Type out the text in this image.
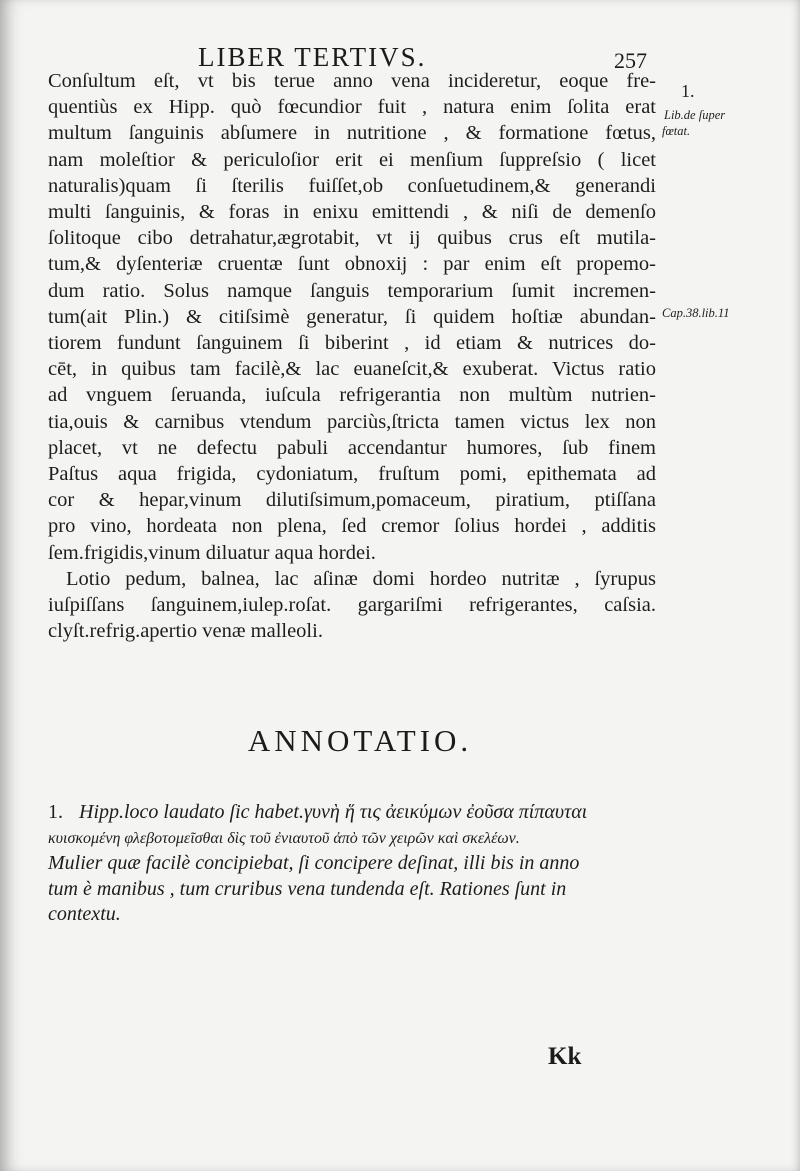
LIBER TERTIVS.	257
Conſultum eſt, vt bis terue anno vena incideretur, eoque fre-
quentiùs ex Hipp. quò fœcundior fuit , natura enim ſolita erat
multum ſanguinis abſumere in nutritione , & formatione fœtus,
nam moleſtior & periculoſior erit ei menſium ſuppreſsio ( licet
naturalis)quam ſi ſterilis fuiſſet,ob conſuetudinem,& generandi
multi ſanguinis, & foras in enixu emittendi , & niſi de demenſo
ſolitoque cibo detrahatur,ægrotabit, vt ij quibus crus eſt mutila-
tum,& dyſenteriæ cruentæ ſunt obnoxij : par enim eſt propemo-
dum ratio. Solus namque ſanguis temporarium ſumit incremen-
tum(ait Plin.) & citiſsimè generatur, ſi quidem hoſtiæ abundan-
tiorem fundunt ſanguinem ſi biberint , id etiam & nutrices do-
cēt, in quibus tam facilè,& lac euaneſcit,& exuberat. Victus ratio
ad vnguem ſeruanda, iuſcula refrigerantia non multùm nutrien-
tia,ouis & carnibus vtendum parciùs,ſtricta tamen victus lex non
placet, vt ne defectu pabuli accendantur humores, ſub finem
Paſtus aqua frigida, cydoniatum, fruſtum pomi, epithemata ad
cor & hepar,vinum dilutiſsimum,pomaceum, piratium, ptiſſana
pro vino, hordeata non plena, ſed cremor ſolius hordei , additis
ſem.frigidis,vinum diluatur aqua hordei.
Lotio pedum, balnea, lac aſinæ domi hordeo nutritæ , ſyrupus
iuſpiſſans ſanguinem,iulep.roſat. gargariſmi refrigerantes, caſsia.
clyſt.refrig.apertio venæ malleoli.
1.
Lib.de ſuper
fœtat.
Cap.38.lib.11
ANNOTATIO.
1. Hipp.loco laudato ſic habet.γυνὴ ἥ τις ἀεικύμων ἐοῦσα πίπαυται
κυισκομένη φλεβοτομεῖσθαι δὶς τοῦ ἐνιαυτοῦ ἀπὸ τῶν χειρῶν καὶ σκελέων.
Mulier quæ facilè concipiebat, ſi concipere deſinat, illi bis in anno
tum è manibus , tum cruribus vena tundenda eſt. Rationes ſunt in
contextu.
Kk
